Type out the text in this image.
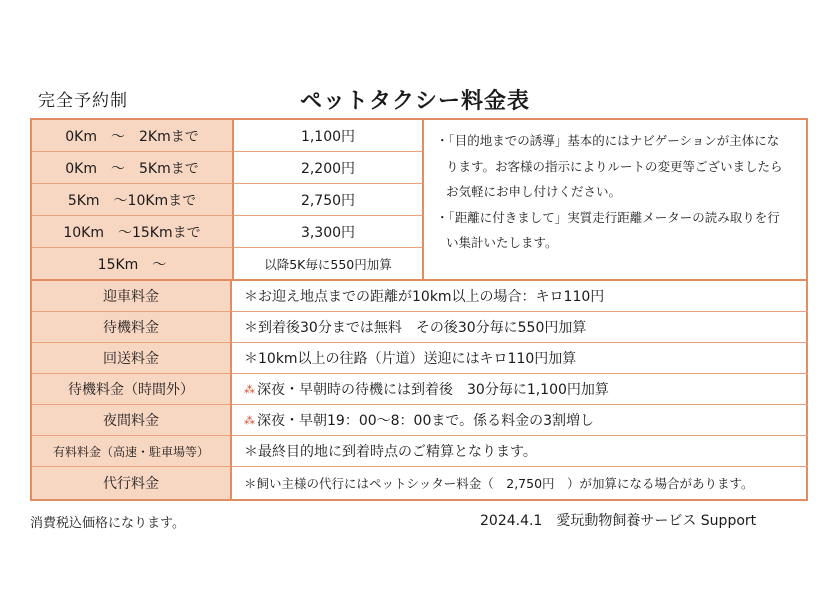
完全予約制	ペットタクシー料金表
0Km　～　2Kmまで	1,100円
0Km　～　5Kmまで	2,200円
5Km　～10Kmまで	2,750円
10Km　～15Kmまで	3,300円
15Km　～	以降5K毎に550円加算
・「目的地までの誘導」基本的にはナビゲーションが主体にな
ります。お客様の指示によりルートの変更等ございましたら
お気軽にお申し付けください。
・「距離に付きまして」実質走行距離メーターの読み取りを行
い集計いたします。
迎車料金	＊お迎え地点までの距離が10km以上の場合：キロ110円
待機料金	＊到着後30分までは無料　その後30分毎に550円加算
回送料金	＊10km以上の往路（片道）送迎にはキロ110円加算
待機料金（時間外）	⁂ 深夜・早朝時の待機には到着後　30分毎に1,100円加算
夜間料金	⁂ 深夜・早朝19：00～8：00まで。係る料金の3割増し
有料料金（高速・駐車場等）	＊最終目的地に到着時点のご精算となります。
代行料金	＊飼い主様の代行にはペットシッター料金（　2,750円　）が加算になる場合があります。
消費税込価格になります。	2024.4.1　愛玩動物飼養サービス Support
